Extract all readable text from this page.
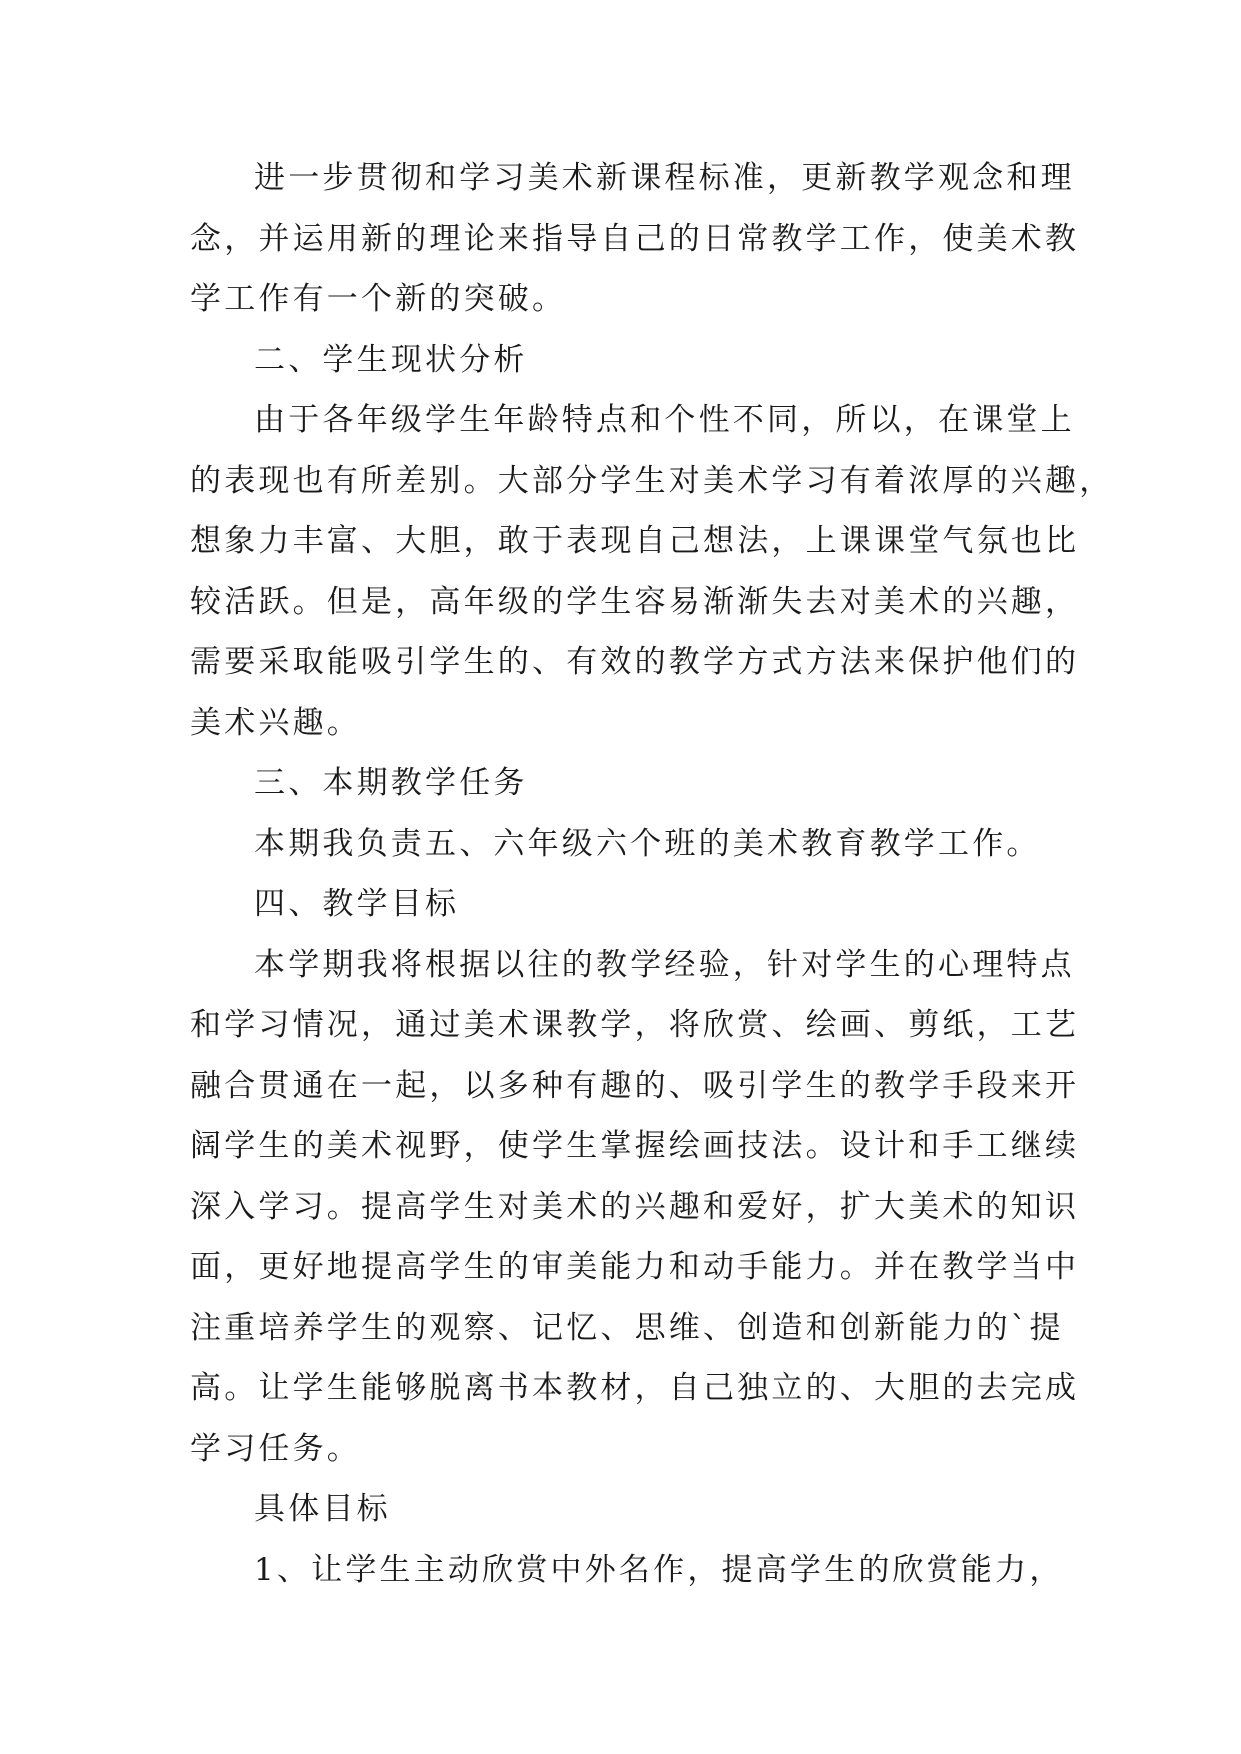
进一步贯彻和学习美术新课程标准，更新教学观念和理
念，并运用新的理论来指导自己的日常教学工作，使美术教
学工作有一个新的突破。
二、学生现状分析
由于各年级学生年龄特点和个性不同，所以，在课堂上
的表现也有所差别。大部分学生对美术学习有着浓厚的兴趣，
想象力丰富、大胆，敢于表现自己想法，上课课堂气氛也比
较活跃。但是，高年级的学生容易渐渐失去对美术的兴趣，
需要采取能吸引学生的、有效的教学方式方法来保护他们的
美术兴趣。
三、本期教学任务
本期我负责五、六年级六个班的美术教育教学工作。
四、教学目标
本学期我将根据以往的教学经验，针对学生的心理特点
和学习情况，通过美术课教学，将欣赏、绘画、剪纸，工艺
融合贯通在一起，以多种有趣的、吸引学生的教学手段来开
阔学生的美术视野，使学生掌握绘画技法。设计和手工继续
深入学习。提高学生对美术的兴趣和爱好，扩大美术的知识
面，更好地提高学生的审美能力和动手能力。并在教学当中
注重培养学生的观察、记忆、思维、创造和创新能力的`提
高。让学生能够脱离书本教材，自己独立的、大胆的去完成
学习任务。
具体目标
1、让学生主动欣赏中外名作，提高学生的欣赏能力，
